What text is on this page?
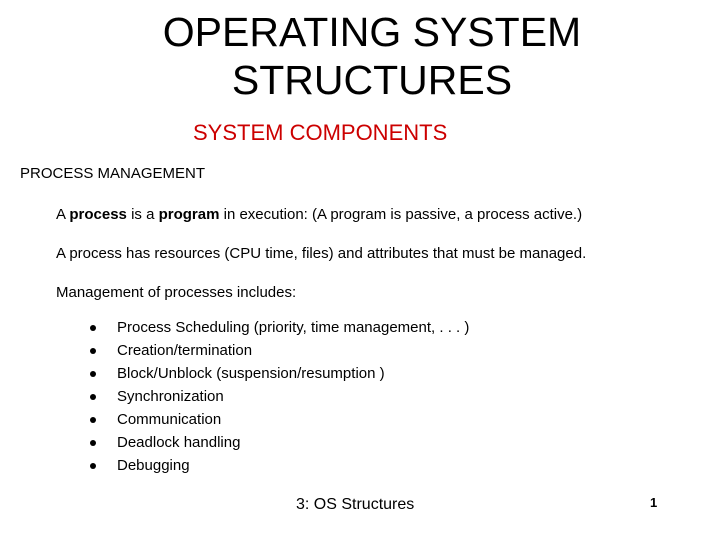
OPERATING SYSTEM
STRUCTURES
SYSTEM COMPONENTS
PROCESS MANAGEMENT
A process is a program in execution: (A program is passive, a process active.)
A process has resources (CPU time, files) and attributes that must be managed.
Management of processes includes:
Process Scheduling (priority, time management, . . . )
Creation/termination
Block/Unblock (suspension/resumption )
Synchronization
Communication
Deadlock handling
Debugging
3: OS Structures	1
